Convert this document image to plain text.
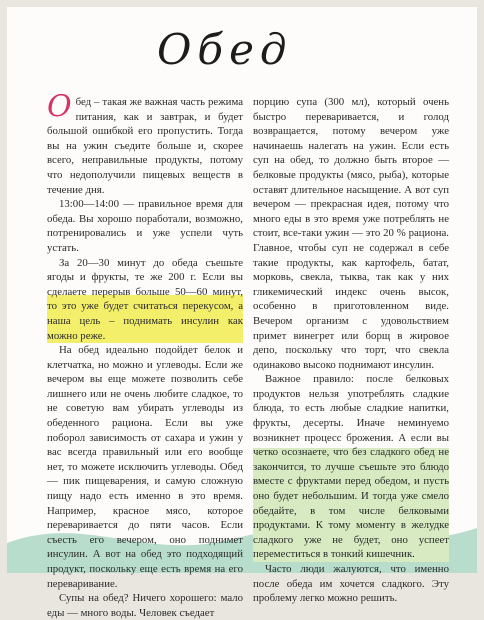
Обед

Обед – такая же важная часть режима питания, как и завтрак, и будет большой ошибкой его пропустить. Тогда вы на ужин съедите больше и, скорее всего, неправильные продукты, потому что недополучили пищевых веществ в течение дня.

13:00—14:00 — правильное время для обеда. Вы хорошо поработали, возможно, потренировались и уже успели чуть устать.

За 20—30 минут до обеда съешьте ягоды и фрукты, те же 200 г. Если вы сделаете перерыв больше 50—60 минут, то это уже будет считаться перекусом, а наша цель – поднимать инсулин как можно реже.

На обед идеально подойдет белок и клетчатка, но можно и углеводы. Если же вечером вы еще можете позволить себе лишнего или не очень любите сладкое, то не советую вам убирать углеводы из обеденного рациона. Если вы уже поборол зависимость от сахара и ужин у вас всегда правильный или его вообще нет, то можете исключить углеводы. Обед — пик пищеварения, и самую сложную пищу надо есть именно в это время. Например, красное мясо, которое переваривается до пяти часов. Если съесть его вечером, оно поднимет инсулин. А вот на обед это подходящий продукт, поскольку еще есть время на его переваривание.

Супы на обед? Ничего хорошего: мало еды — много воды. Человек съедает

порцию супа (300 мл), который очень быстро переваривается, и голод возвращается, потому вечером уже начинаешь налегать на ужин. Если есть суп на обед, то должно быть второе — белковые продукты (мясо, рыба), которые оставят длительное насыщение. А вот суп вечером — прекрасная идея, потому что много еды в это время уже потреблять не стоит, все-таки ужин — это 20 % рациона. Главное, чтобы суп не содержал в себе такие продукты, как картофель, батат, морковь, свекла, тыква, так как у них гликемический индекс очень высок, особенно в приготовленном виде. Вечером организм с удовольствием примет винегрет или борщ в жировое депо, поскольку что торт, что свекла одинаково высоко поднимают инсулин.

Важное правило: после белковых продуктов нельзя употреблять сладкие блюда, то есть любые сладкие напитки, фрукты, десерты. Иначе неминуемо возникнет процесс брожения. А если вы четко осознаете, что без сладкого обед не закончится, то лучше съешьте это блюдо вместе с фруктами перед обедом, и пусть оно будет небольшим. И тогда уже смело обедайте, в том числе белковыми продуктами. К тому моменту в желудке сладкого уже не будет, оно успеет переместиться в тонкий кишечник.

Часто люди жалуются, что именно после обеда им хочется сладкого. Эту проблему легко можно решить.
